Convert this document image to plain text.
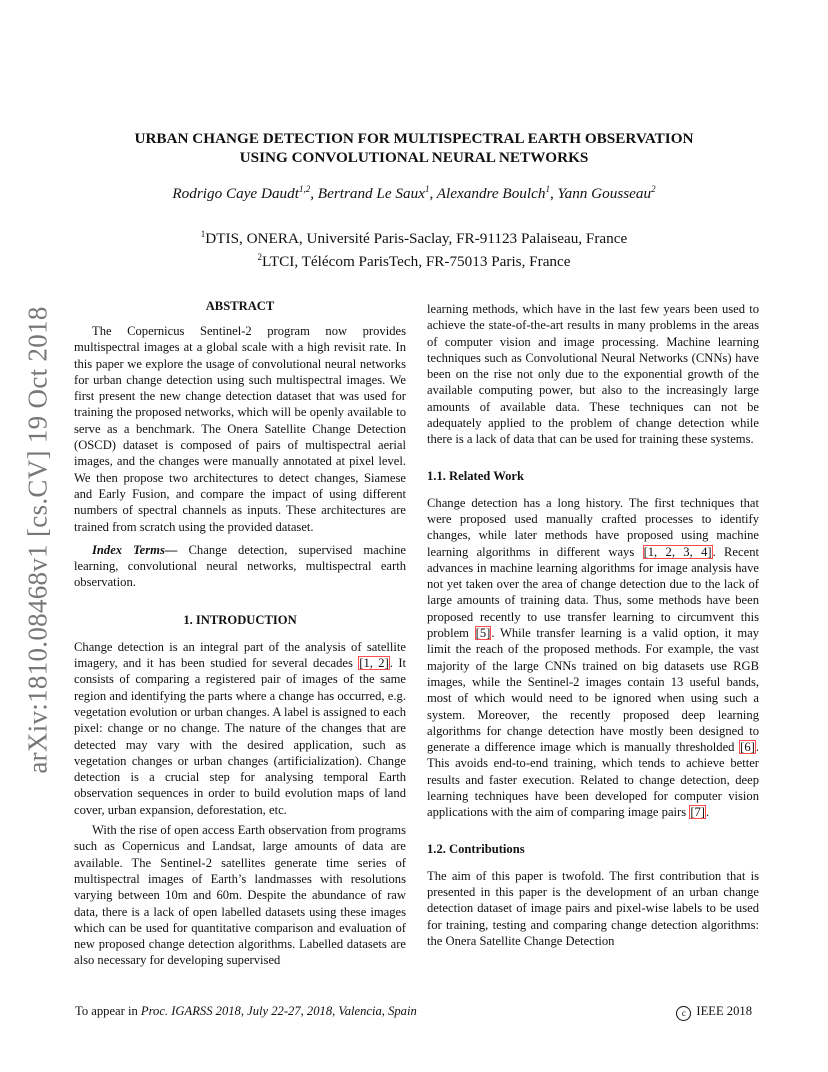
arXiv:1810.08468v1 [cs.CV] 19 Oct 2018
URBAN CHANGE DETECTION FOR MULTISPECTRAL EARTH OBSERVATION
USING CONVOLUTIONAL NEURAL NETWORKS
Rodrigo Caye Daudt$^{1,2}$, Bertrand Le Saux$^1$, Alexandre Boulch$^1$, Yann Gousseau$^2$
$^1$DTIS, ONERA, Université Paris-Saclay, FR-91123 Palaiseau, France
$^2$LTCI, Télécom ParisTech, FR-75013 Paris, France
ABSTRACT

The Copernicus Sentinel-2 program now provides multispectral images at a global scale with a high revisit rate. In this paper we explore the usage of convolutional neural networks for urban change detection using such multispectral images. We first present the new change detection dataset that was used for training the proposed networks, which will be openly available to serve as a benchmark. The Onera Satellite Change Detection (OSCD) dataset is composed of pairs of multispectral aerial images, and the changes were manually annotated at pixel level. We then propose two architectures to detect changes, Siamese and Early Fusion, and compare the impact of using different numbers of spectral channels as inputs. These architectures are trained from scratch using the provided dataset.

Index Terms— Change detection, supervised machine learning, convolutional neural networks, multispectral earth observation.

1. INTRODUCTION

Change detection is an integral part of the analysis of satellite imagery, and it has been studied for several decades [1, 2]. It consists of comparing a registered pair of images of the same region and identifying the parts where a change has occurred, e.g. vegetation evolution or urban changes. A label is assigned to each pixel: change or no change. The nature of the changes that are detected may vary with the desired application, such as vegetation changes or urban changes (artificialization). Change detection is a crucial step for analysing temporal Earth observation sequences in order to build evolution maps of land cover, urban expansion, deforestation, etc.

With the rise of open access Earth observation from programs such as Copernicus and Landsat, large amounts of data are available. The Sentinel-2 satellites generate time series of multispectral images of Earth’s landmasses with resolutions varying between 10m and 60m. Despite the abundance of raw data, there is a lack of open labelled datasets using these images which can be used for quantitative comparison and evaluation of new proposed change detection algorithms. Labelled datasets are also necessary for developing supervised

learning methods, which have in the last few years been used to achieve the state-of-the-art results in many problems in the areas of computer vision and image processing. Machine learning techniques such as Convolutional Neural Networks (CNNs) have been on the rise not only due to the exponential growth of the available computing power, but also to the increasingly large amounts of available data. These techniques can not be adequately applied to the problem of change detection while there is a lack of data that can be used for training these systems.

1.1. Related Work

Change detection has a long history. The first techniques that were proposed used manually crafted processes to identify changes, while later methods have proposed using machine learning algorithms in different ways [1, 2, 3, 4]. Recent advances in machine learning algorithms for image analysis have not yet taken over the area of change detection due to the lack of large amounts of training data. Thus, some methods have been proposed recently to use transfer learning to circumvent this problem [5]. While transfer learning is a valid option, it may limit the reach of the proposed methods. For example, the vast majority of the large CNNs trained on big datasets use RGB images, while the Sentinel-2 images contain 13 useful bands, most of which would need to be ignored when using such a system. Moreover, the recently proposed deep learning algorithms for change detection have mostly been designed to generate a difference image which is manually thresholded [6]. This avoids end-to-end training, which tends to achieve better results and faster execution. Related to change detection, deep learning techniques have been developed for computer vision applications with the aim of comparing image pairs [7].

1.2. Contributions

The aim of this paper is twofold. The first contribution that is presented in this paper is the development of an urban change detection dataset of image pairs and pixel-wise labels to be used for training, testing and comparing change detection algorithms: the Onera Satellite Change Detection

To appear in Proc. IGARSS 2018, July 22-27, 2018, Valencia, Spain	c IEEE 2018
